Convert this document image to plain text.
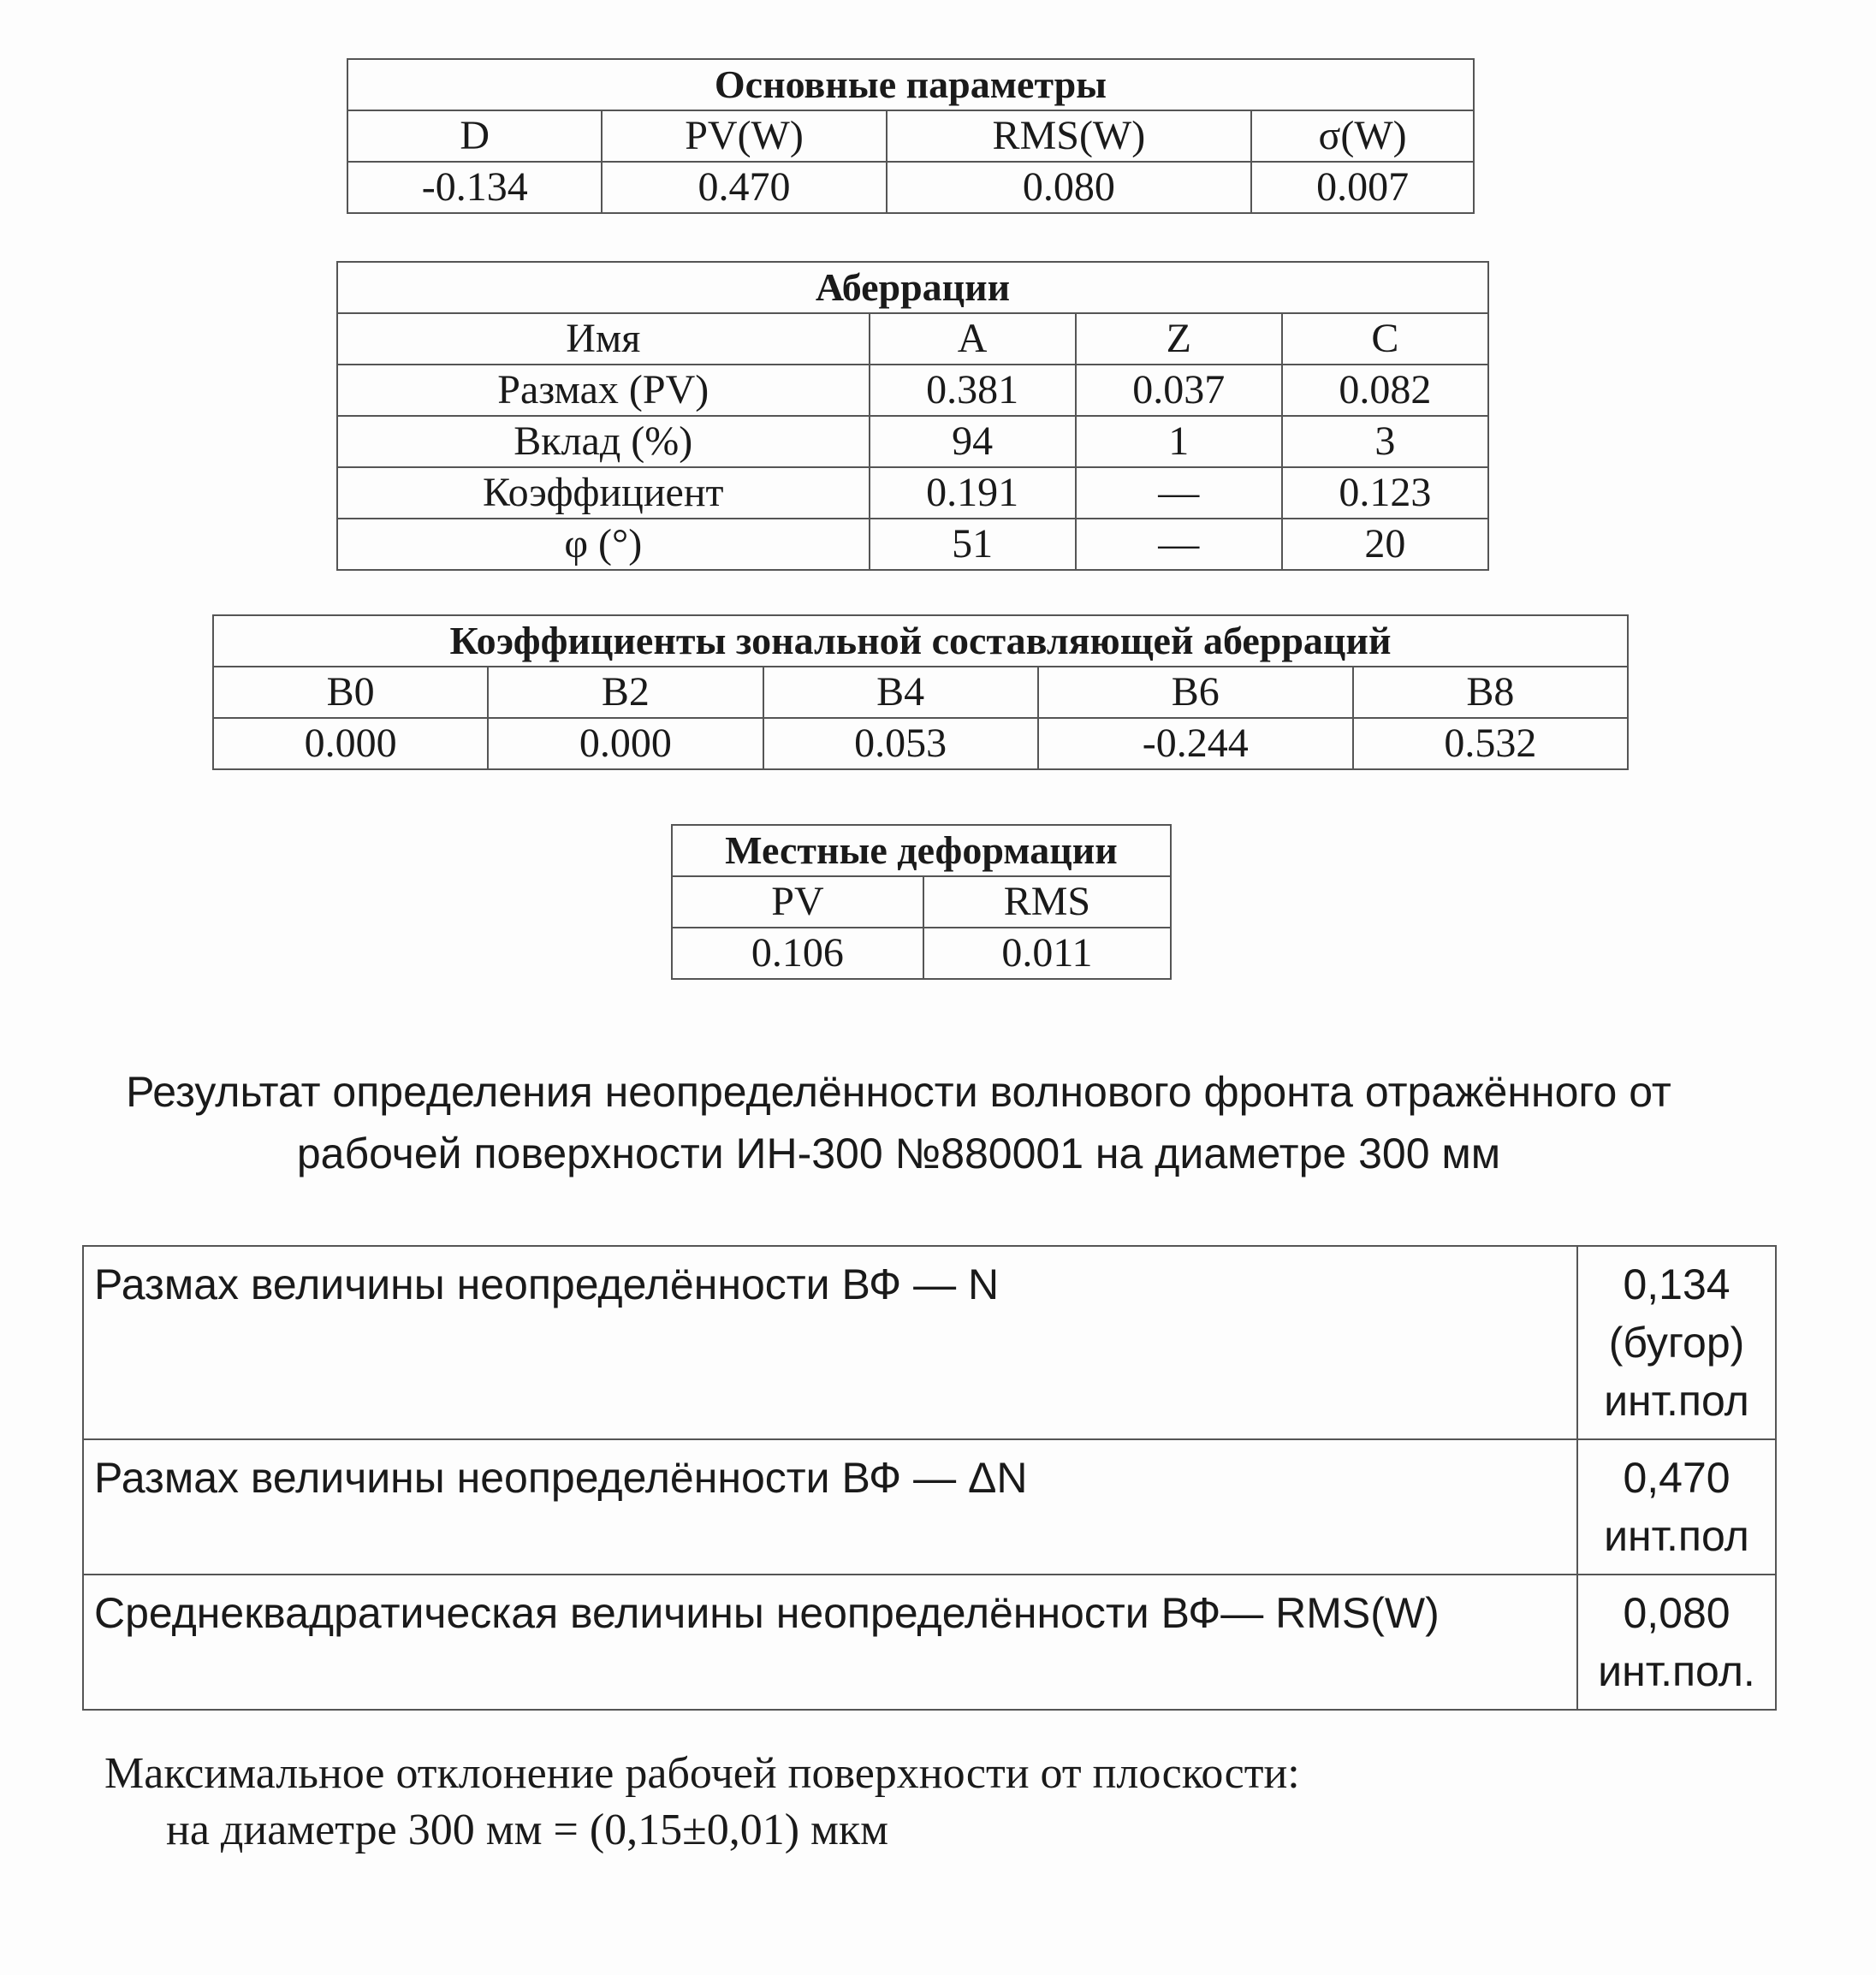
Основные параметры			
D	PV(W)	RMS(W)	σ(W)
-0.134	0.470	0.080	0.007
Аберрации			
Имя	A	Z	C
Размах (PV)	0.381	0.037	0.082
Вклад (%)	94	1	3
Коэффициент	0.191	—	0.123
φ (°)	51	—	20
Коэффициенты зональной составляющей аберраций				
B0	B2	B4	B6	B8
0.000	0.000	0.053	-0.244	0.532
Местные деформации	
PV	RMS
0.106	0.011
Результат определения неопределённости волнового фронта отражённого от
рабочей поверхности ИН-300 №880001 на диаметре 300 мм
Размах величины неопределённости ВФ — N	0,134
(бугор)
инт.пол

Размах величины неопределённости ВФ — ΔN	0,470
инт.пол

Среднеквадратическая величины неопределённости ВФ— RMS(W)	0,080
инт.пол.
Максимальное отклонение рабочей поверхности от плоскости:
на диаметре 300 мм = (0,15±0,01) мкм
